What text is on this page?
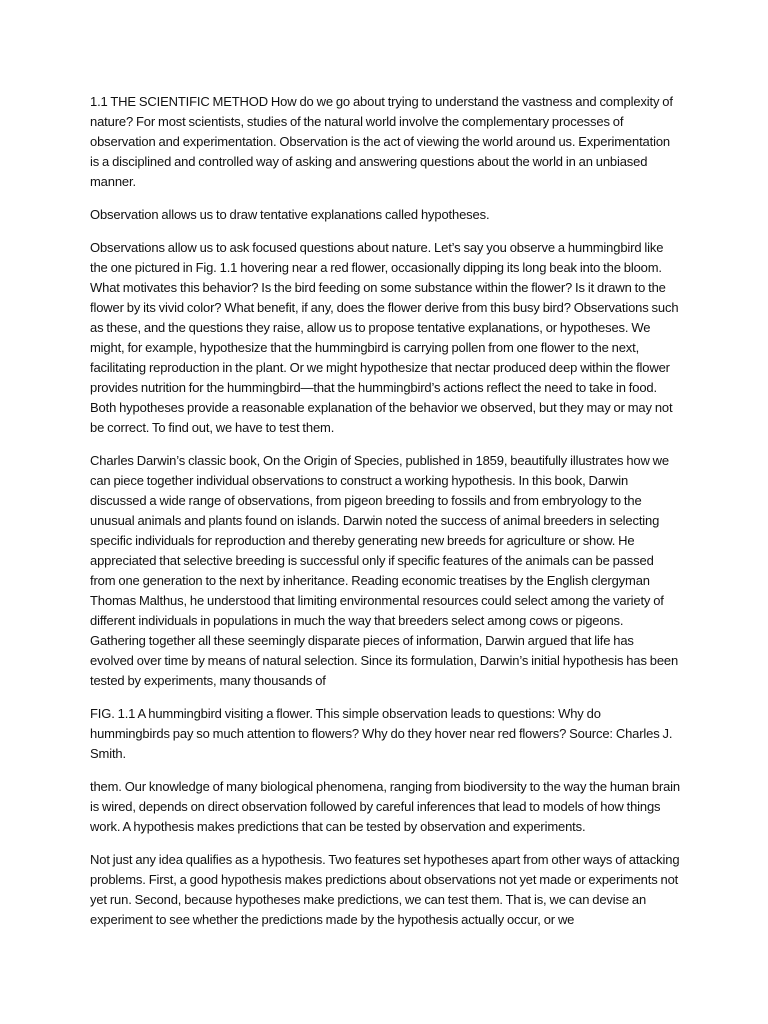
1.1 THE SCIENTIFIC METHOD How do we go about trying to understand the vastness and complexity of nature? For most scientists, studies of the natural world involve the complementary processes of observation and experimentation. Observation is the act of viewing the world around us. Experimentation is a disciplined and controlled way of asking and answering questions about the world in an unbiased manner.

Observation allows us to draw tentative explanations called hypotheses.

Observations allow us to ask focused questions about nature. Let’s say you observe a hummingbird like the one pictured in Fig. 1.1 hovering near a red flower, occasionally dipping its long beak into the bloom. What motivates this behavior? Is the bird feeding on some substance within the flower? Is it drawn to the flower by its vivid color? What benefit, if any, does the flower derive from this busy bird? Observations such as these, and the questions they raise, allow us to propose tentative explanations, or hypotheses. We might, for example, hypothesize that the hummingbird is carrying pollen from one flower to the next, facilitating reproduction in the plant. Or we might hypothesize that nectar produced deep within the flower provides nutrition for the hummingbird—that the hummingbird’s actions reflect the need to take in food. Both hypotheses provide a reasonable explanation of the behavior we observed, but they may or may not be correct. To find out, we have to test them.

Charles Darwin’s classic book, On the Origin of Species, published in 1859, beautifully illustrates how we can piece together individual observations to construct a working hypothesis. In this book, Darwin discussed a wide range of observations, from pigeon breeding to fossils and from embryology to the unusual animals and plants found on islands. Darwin noted the success of animal breeders in selecting specific individuals for reproduction and thereby generating new breeds for agriculture or show. He appreciated that selective breeding is successful only if specific features of the animals can be passed from one generation to the next by inheritance. Reading economic treatises by the English clergyman Thomas Malthus, he understood that limiting environmental resources could select among the variety of different individuals in populations in much the way that breeders select among cows or pigeons. Gathering together all these seemingly disparate pieces of information, Darwin argued that life has evolved over time by means of natural selection. Since its formulation, Darwin’s initial hypothesis has been tested by experiments, many thousands of

FIG. 1.1 A hummingbird visiting a flower. This simple observation leads to questions: Why do hummingbirds pay so much attention to flowers? Why do they hover near red flowers? Source: Charles J. Smith.

them. Our knowledge of many biological phenomena, ranging from biodiversity to the way the human brain is wired, depends on direct observation followed by careful inferences that lead to models of how things work. A hypothesis makes predictions that can be tested by observation and experiments.

Not just any idea qualifies as a hypothesis. Two features set hypotheses apart from other ways of attacking problems. First, a good hypothesis makes predictions about observations not yet made or experiments not yet run. Second, because hypotheses make predictions, we can test them. That is, we can devise an experiment to see whether the predictions made by the hypothesis actually occur, or we
